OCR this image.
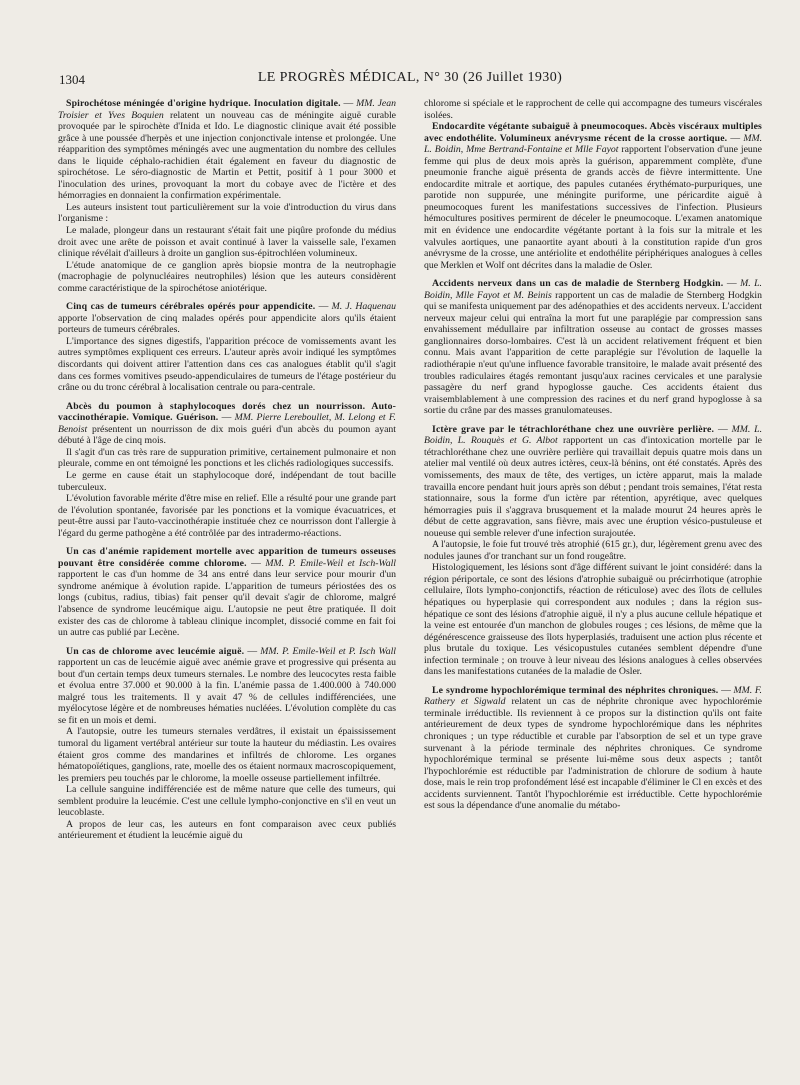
1304	LE PROGRÈS MÉDICAL, N° 30 (26 Juillet 1930)

Spirochétose méningée d'origine hydrique. Inoculation digitale. — MM. Jean Troisier et Yves Boquien relatent un nouveau cas de méningite aiguë curable provoquée par le spirochète d'Inida et Ido. Le diagnostic clinique avait été possible grâce à une poussée d'herpès et une injection conjonctivale intense et prolongée. Une réapparition des symptômes méningés avec une augmentation du nombre des cellules dans le liquide céphalo-rachidien était également en faveur du diagnostic de spirochétose. Le séro-diagnostic de Martin et Pettit, positif à 1 pour 3000 et l'inoculation des urines, provoquant la mort du cobaye avec de l'ictère et des hémorragies en donnaient la confirmation expérimentale.

Les auteurs insistent tout particulièrement sur la voie d'introduction du virus dans l'organisme :

Le malade, plongeur dans un restaurant s'était fait une piqûre profonde du médius droit avec une arête de poisson et avait continué à laver la vaisselle sale, l'examen clinique révélait d'ailleurs à droite un ganglion sus-épitrochléen volumineux.

L'étude anatomique de ce ganglion après biopsie montra de la neutrophagie (macrophagie de polynucléaires neutrophiles) lésion que les auteurs considèrent comme caractéristique de la spirochétose aniotérique.

Cinq cas de tumeurs cérébrales opérés pour appendicite. — M. J. Haquenau apporte l'observation de cinq malades opérés pour appendicite alors qu'ils étaient porteurs de tumeurs cérébrales.

L'importance des signes digestifs, l'apparition précoce de vomissements avant les autres symptômes expliquent ces erreurs. L'auteur après avoir indiqué les symptômes discordants qui doivent attirer l'attention dans ces cas analogues établit qu'il s'agit dans ces formes vomitives pseudo-appendiculaires de tumeurs de l'étage postérieur du crâne ou du tronc cérébral à localisation centrale ou para-centrale.

Abcès du poumon à staphylocoques dorés chez un nourrisson. Auto-vaccinothérapie. Vomique. Guérison. — MM. Pierre Lereboullet, M. Lelong et F. Benoist présentent un nourrisson de dix mois guéri d'un abcès du poumon ayant débuté à l'âge de cinq mois.

Il s'agit d'un cas très rare de suppuration primitive, certainement pulmonaire et non pleurale, comme en ont témoigné les ponctions et les clichés radiologiques successifs.

Le germe en cause était un staphylocoque doré, indépendant de tout bacille tuberculeux.

L'évolution favorable mérite d'être mise en relief. Elle a résulté pour une grande part de l'évolution spontanée, favorisée par les ponctions et la vomique évacuatrices, et peut-être aussi par l'auto-vaccinothérapie instituée chez ce nourrisson dont l'allergie à l'égard du germe pathogène a été contrôlée par des intradermo-réactions.

Un cas d'anémie rapidement mortelle avec apparition de tumeurs osseuses pouvant être considérée comme chlorome. — MM. P. Emile-Weil et Isch-Wall rapportent le cas d'un homme de 34 ans entré dans leur service pour mourir d'un syndrome anémique à évolution rapide. L'apparition de tumeurs périostées des os longs (cubitus, radius, tibias) fait penser qu'il devait s'agir de chlorome, malgré l'absence de syndrome leucémique aigu. L'autopsie ne peut être pratiquée. Il doit exister des cas de chlorome à tableau clinique incomplet, dissocié comme en fait foi un autre cas publié par Lecène.

Un cas de chlorome avec leucémie aiguë. — MM. P. Emile-Weil et P. Isch Wall rapportent un cas de leucémie aiguë avec anémie grave et progressive qui présenta au bout d'un certain temps deux tumeurs sternales. Le nombre des leucocytes resta faible et évolua entre 37.000 et 90.000 à la fin. L'anémie passa de 1.400.000 à 740.000 malgré tous les traitements. Il y avait 47 % de cellules indifférenciées, une myélocytose légère et de nombreuses hématies nucléées. L'évolution complète du cas se fit en un mois et demi.

A l'autopsie, outre les tumeurs sternales verdâtres, il existait un épaississement tumoral du ligament vertébral antérieur sur toute la hauteur du médiastin. Les ovaires étaient gros comme des mandarines et infiltrés de chlorome. Les organes hématopoïétiques, ganglions, rate, moelle des os étaient normaux macroscopiquement, les premiers peu touchés par le chlorome, la moelle osseuse partiellement infiltrée.

La cellule sanguine indifférenciée est de même nature que celle des tumeurs, qui semblent produire la leucémie. C'est une cellule lympho-conjonctive en s'il en veut un leucoblaste.

A propos de leur cas, les auteurs en font comparaison avec ceux publiés antérieurement et étudient la leucémie aiguë du

chlorome si spéciale et le rapprochent de celle qui accompagne des tumeurs viscérales isolées.

Endocardite végétante subaiguë à pneumocoques. Abcès viscéraux multiples avec endothélite. Volumineux anévrysme récent de la crosse aortique. — MM. L. Boidin, Mme Bertrand-Fontaine et Mlle Fayot rapportent l'observation d'une jeune femme qui plus de deux mois après la guérison, apparemment complète, d'une pneumonie franche aiguë présenta de grands accès de fièvre intermittente. Une endocardite mitrale et aortique, des papules cutanées érythémato-purpuriques, une parotide non suppurée, une méningite puriforme, une péricardite aiguë à pneumocoques furent les manifestations successives de l'infection. Plusieurs hémocultures positives permirent de déceler le pneumocoque. L'examen anatomique mit en évidence une endocardite végétante portant à la fois sur la mitrale et les valvules aortiques, une panaortite ayant abouti à la constitution rapide d'un gros anévrysme de la crosse, une antériolite et endothélite périphériques analogues à celles que Merklen et Wolf ont décrites dans la maladie de Osler.

Accidents nerveux dans un cas de maladie de Sternberg Hodgkin. — M. L. Boidin, Mlle Fayot et M. Beinis rapportent un cas de maladie de Sternberg Hodgkin qui se manifesta uniquement par des adénopathies et des accidents nerveux. L'accident nerveux majeur celui qui entraîna la mort fut une paraplégie par compression sans envahissement médullaire par infiltration osseuse au contact de grosses masses ganglionnaires dorso-lombaires. C'est là un accident relativement fréquent et bien connu. Mais avant l'apparition de cette paraplégie sur l'évolution de laquelle la radiothérapie n'eut qu'une influence favorable transitoire, le malade avait présenté des troubles radiculaires étagés remontant jusqu'aux racines cervicales et une paralysie passagère du nerf grand hypoglosse gauche. Ces accidents étaient dus vraisemblablement à une compression des racines et du nerf grand hypoglosse à sa sortie du crâne par des masses granulomateuses.

Ictère grave par le tétrachloréthane chez une ouvrière perlière. — MM. L. Boidin, L. Rouquès et G. Albot rapportent un cas d'intoxication mortelle par le tétrachloréthane chez une ouvrière perlière qui travaillait depuis quatre mois dans un atelier mal ventilé où deux autres ictères, ceux-là bénins, ont été constatés. Après des vomissements, des maux de tête, des vertiges, un ictère apparut, mais la malade travailla encore pendant huit jours après son début ; pendant trois semaines, l'état resta stationnaire, sous la forme d'un ictère par rétention, apyrétique, avec quelques hémorragies puis il s'aggrava brusquement et la malade mourut 24 heures après le début de cette aggravation, sans fièvre, mais avec une éruption vésico-pustuleuse et noueuse qui semble relever d'une infection surajoutée.

A l'autopsie, le foie fut trouvé très atrophié (615 gr.), dur, légèrement grenu avec des nodules jaunes d'or tranchant sur un fond rougeâtre.

Histologiquement, les lésions sont d'âge différent suivant le joint considéré: dans la région périportale, ce sont des lésions d'atrophie subaiguë ou précirrhotique (atrophie cellulaire, îlots lympho-conjonctifs, réaction de réticulose) avec des îlots de cellules hépatiques ou hyperplasie qui correspondent aux nodules ; dans la région sus-hépatique ce sont des lésions d'atrophie aiguë, il n'y a plus aucune cellule hépatique et la veine est entourée d'un manchon de globules rouges ; ces lésions, de même que la dégénérescence graisseuse des îlots hyperplasiés, traduisent une action plus récente et plus brutale du toxique. Les vésicopustules cutanées semblent dépendre d'une infection terminale ; on trouve à leur niveau des lésions analogues à celles observées dans les manifestations cutanées de la maladie de Osler.

Le syndrome hypochlorémique terminal des néphrites chroniques. — MM. F. Rathery et Sigwald relatent un cas de néphrite chronique avec hypochlorémie terminale irréductible. Ils reviennent à ce propos sur la distinction qu'ils ont faite antérieurement de deux types de syndrome hypochlorémique dans les néphrites chroniques ; un type réductible et curable par l'absorption de sel et un type grave survenant à la période terminale des néphrites chroniques. Ce syndrome hypochlorémique terminal se présente lui-même sous deux aspects ; tantôt l'hypochlorémie est réductible par l'administration de chlorure de sodium à haute dose, mais le rein trop profondément lésé est incapable d'éliminer le Cl en excès et des accidents surviennent. Tantôt l'hypochlorémie est irréductible. Cette hypochlorémie est sous la dépendance d'une anomalie du métabo-
